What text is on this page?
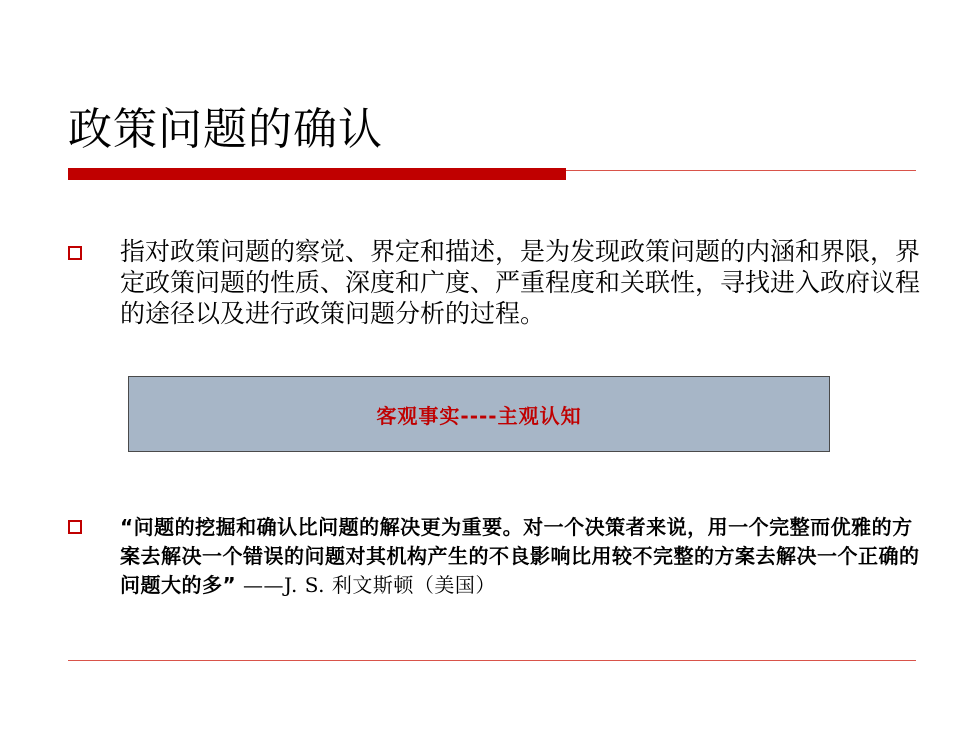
政策问题的确认
指对政策问题的察觉、界定和描述，是为发现政策问题的内涵和界限，界定政策问题的性质、深度和广度、严重程度和关联性，寻找进入政府议程的途径以及进行政策问题分析的过程。
客观事实----主观认知
“问题的挖掘和确认比问题的解决更为重要。对一个决策者来说，用一个完整而优雅的方案去解决一个错误的问题对其机构产生的不良影响比用较不完整的方案去解决一个正确的问题大的多” ——J. S. 利文斯顿（美国）
